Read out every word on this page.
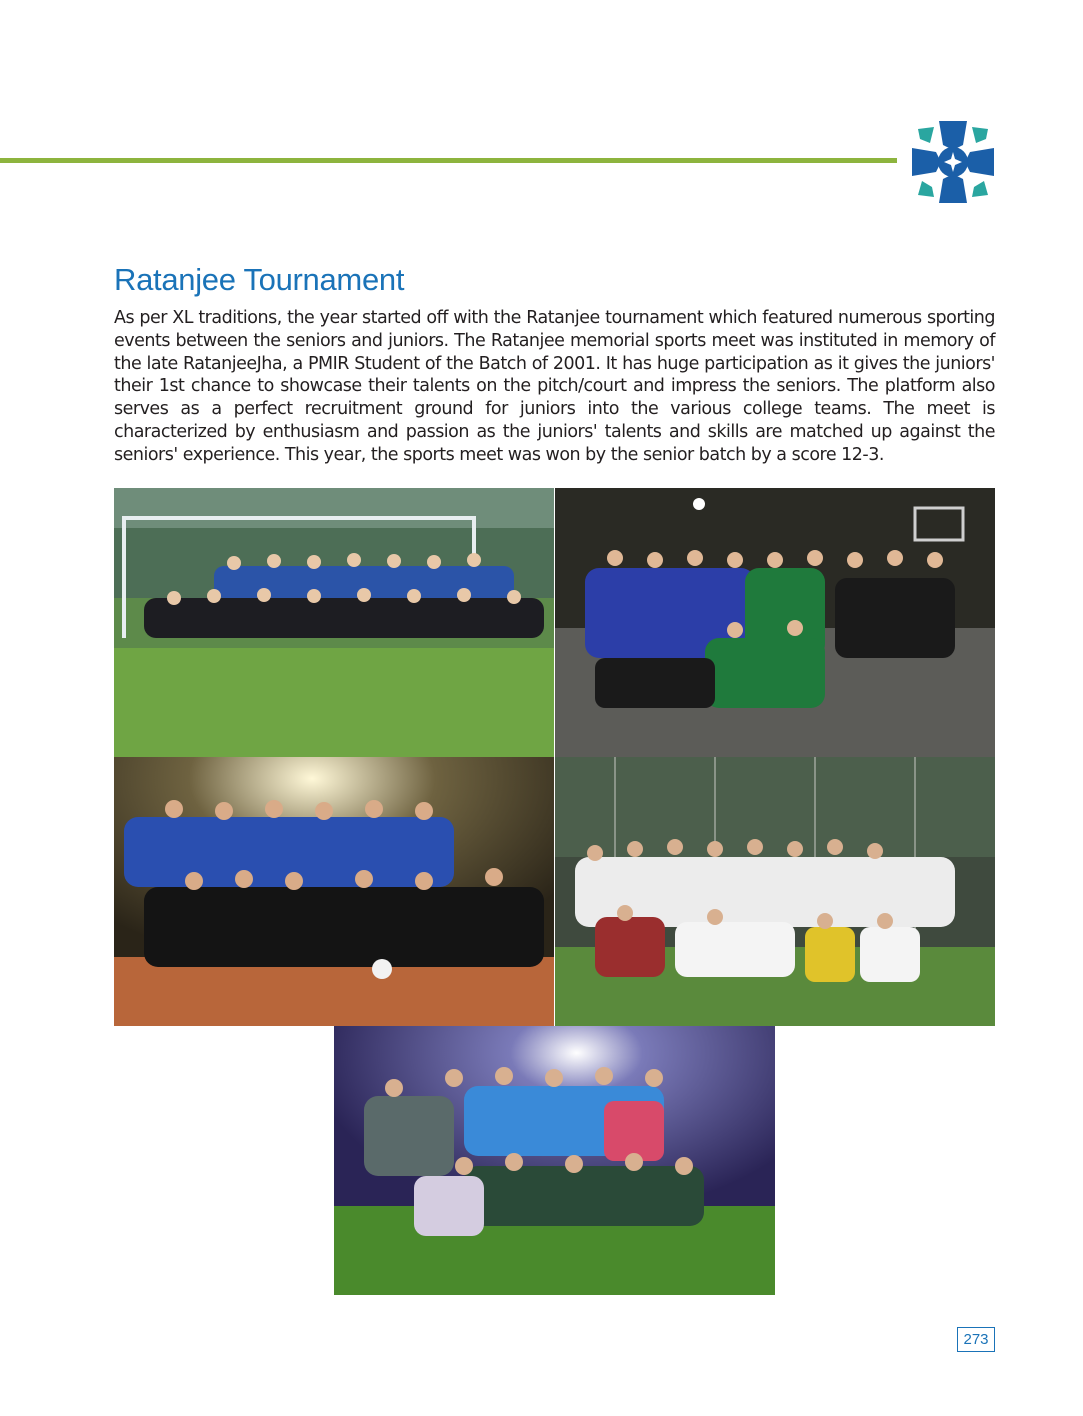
Ratanjee Tournament

As per XL traditions, the year started off with the Ratanjee tournament which featured numerous sporting events between the seniors and juniors. The Ratanjee memorial sports meet was instituted in memory of the late RatanjeeJha, a PMIR Student of the Batch of 2001. It has huge participation as it gives the juniors' their 1st chance to showcase their talents on the pitch/court and impress the seniors. The platform also serves as a perfect recruitment ground for juniors into the various college teams. The meet is characterized by enthusiasm and passion as the juniors' talents and skills are matched up against the seniors' experience. This year, the sports meet was won by the senior batch by a score 12-3.

273
